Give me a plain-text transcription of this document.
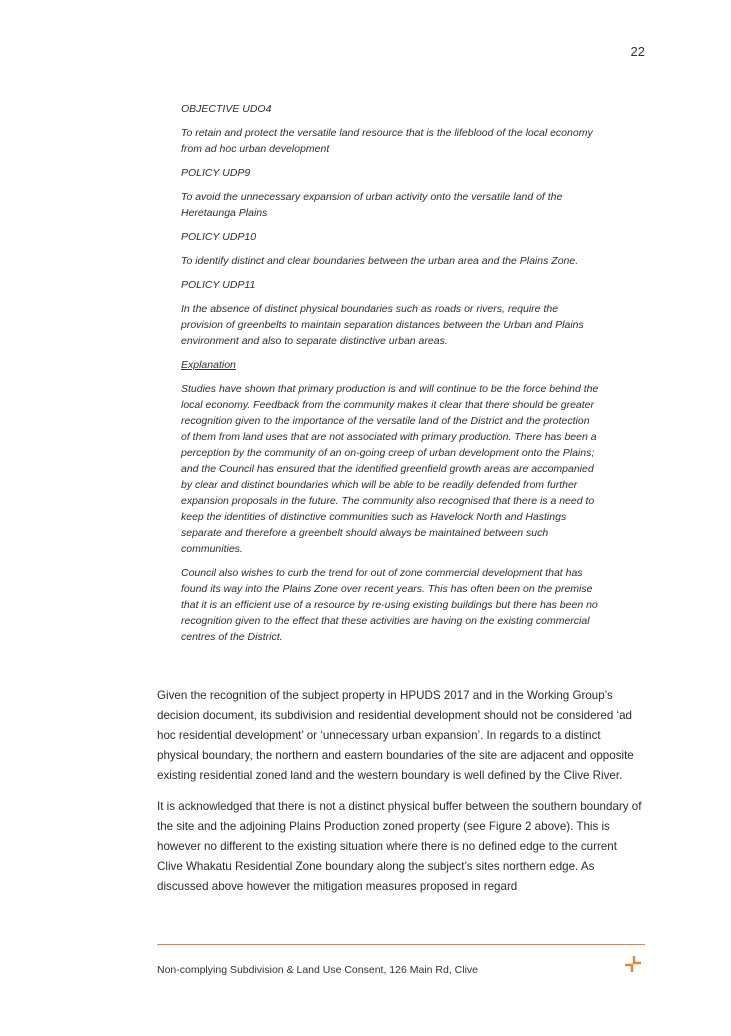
22

OBJECTIVE UDO4

To retain and protect the versatile land resource that is the lifeblood of the local economy from ad hoc urban development

POLICY UDP9

To avoid the unnecessary expansion of urban activity onto the versatile land of the Heretaunga Plains

POLICY UDP10

To identify distinct and clear boundaries between the urban area and the Plains Zone.

POLICY UDP11

In the absence of distinct physical boundaries such as roads or rivers, require the provision of greenbelts to maintain separation distances between the Urban and Plains environment and also to separate distinctive urban areas.

Explanation

Studies have shown that primary production is and will continue to be the force behind the local economy. Feedback from the community makes it clear that there should be greater recognition given to the importance of the versatile land of the District and the protection of them from land uses that are not associated with primary production. There has been a perception by the community of an on-going creep of urban development onto the Plains; and the Council has ensured that the identified greenfield growth areas are accompanied by clear and distinct boundaries which will be able to be readily defended from further expansion proposals in the future. The community also recognised that there is a need to keep the identities of distinctive communities such as Havelock North and Hastings separate and therefore a greenbelt should always be maintained between such communities.

Council also wishes to curb the trend for out of zone commercial development that has found its way into the Plains Zone over recent years. This has often been on the premise that it is an efficient use of a resource by re-using existing buildings but there has been no recognition given to the effect that these activities are having on the existing commercial centres of the District.

Given the recognition of the subject property in HPUDS 2017 and in the Working Group’s decision document, its subdivision and residential development should not be considered ‘ad hoc residential development’ or ‘unnecessary urban expansion’. In regards to a distinct physical boundary, the northern and eastern boundaries of the site are adjacent and opposite existing residential zoned land and the western boundary is well defined by the Clive River.

It is acknowledged that there is not a distinct physical buffer between the southern boundary of the site and the adjoining Plains Production zoned property (see Figure 2 above). This is however no different to the existing situation where there is no defined edge to the current Clive Whakatu Residential Zone boundary along the subject’s sites northern edge. As discussed above however the mitigation measures proposed in regard

Non-complying Subdivision & Land Use Consent, 126 Main Rd, Clive
